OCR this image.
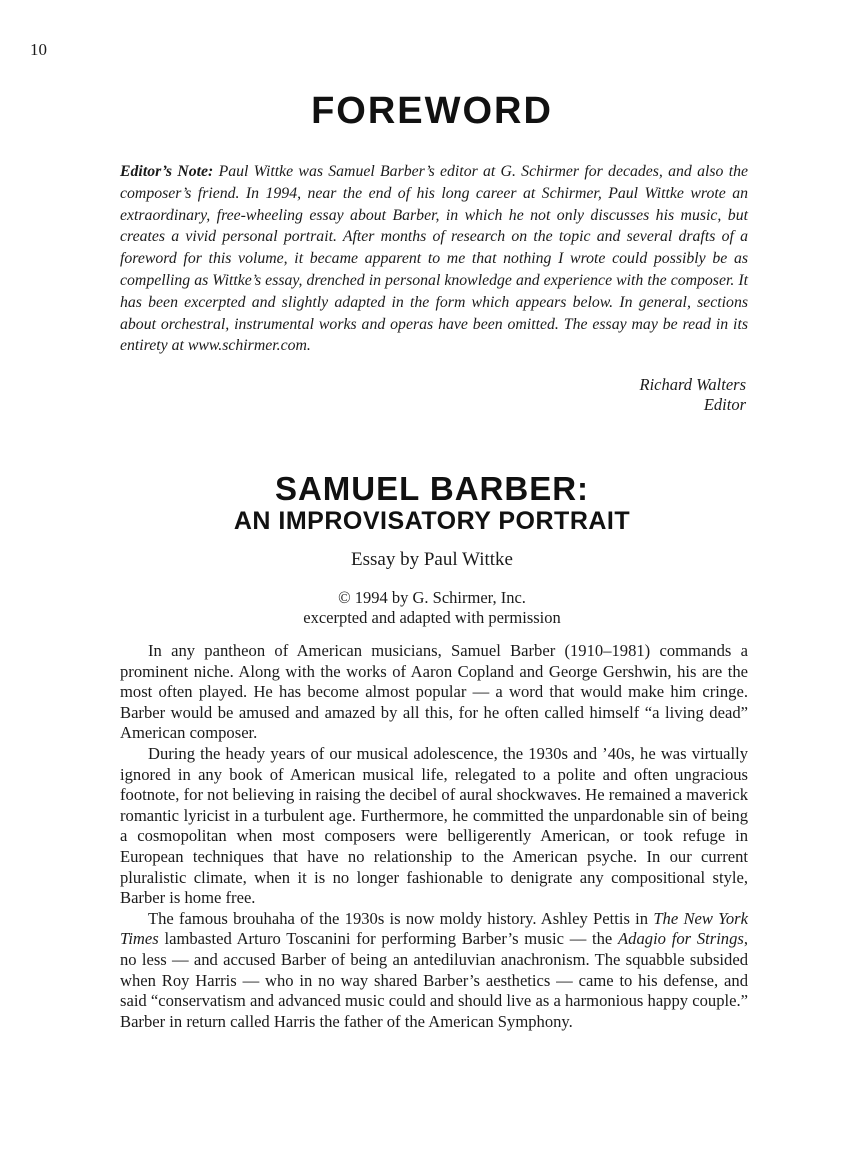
10
FOREWORD

Editor’s Note: Paul Wittke was Samuel Barber’s editor at G. Schirmer for decades, and also the composer’s friend. In 1994, near the end of his long career at Schirmer, Paul Wittke wrote an extraordinary, free-wheeling essay about Barber, in which he not only discusses his music, but creates a vivid personal portrait. After months of research on the topic and several drafts of a foreword for this volume, it became apparent to me that nothing I wrote could possibly be as compelling as Wittke’s essay, drenched in personal knowledge and experience with the composer. It has been excerpted and slightly adapted in the form which appears below. In general, sections about orchestral, instrumental works and operas have been omitted. The essay may be read in its entirety at www.schirmer.com.

Richard Walters
Editor
SAMUEL BARBER:
AN IMPROVISATORY PORTRAIT
Essay by Paul Wittke
© 1994 by G. Schirmer, Inc.
excerpted and adapted with permission

In any pantheon of American musicians, Samuel Barber (1910–1981) commands a prominent niche. Along with the works of Aaron Copland and George Gershwin, his are the most often played. He has become almost popular — a word that would make him cringe. Barber would be amused and amazed by all this, for he often called himself “a living dead” American composer.

During the heady years of our musical adolescence, the 1930s and ’40s, he was virtually ignored in any book of American musical life, relegated to a polite and often ungracious footnote, for not believing in raising the decibel of aural shockwaves. He remained a maverick romantic lyricist in a turbulent age. Furthermore, he committed the unpardonable sin of being a cosmopolitan when most composers were belligerently American, or took refuge in European techniques that have no relationship to the American psyche. In our current pluralistic climate, when it is no longer fashionable to denigrate any compositional style, Barber is home free.

The famous brouhaha of the 1930s is now moldy history. Ashley Pettis in The New York Times lambasted Arturo Toscanini for performing Barber’s music — the Adagio for Strings, no less — and accused Barber of being an antediluvian anachronism. The squabble subsided when Roy Harris — who in no way shared Barber’s aesthetics — came to his defense, and said “conservatism and advanced music could and should live as a harmonious happy couple.” Barber in return called Harris the father of the American Symphony.
